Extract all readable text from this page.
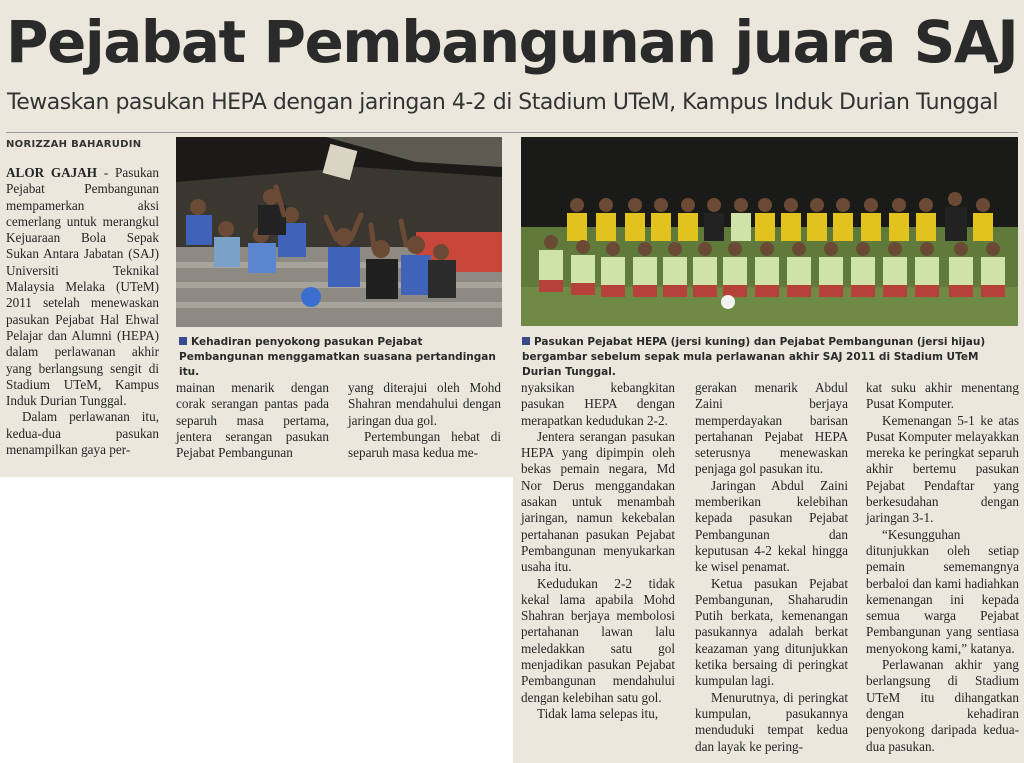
Pejabat Pembangunan juara SAJ
Tewaskan pasukan HEPA dengan jaringan 4-2 di Stadium UTeM, Kampus Induk Durian Tunggal
NORIZZAH BAHARUDIN
Kehadiran penyokong pasukan Pejabat Pembangunan menggamatkan suasana pertandingan itu.
Pasukan Pejabat HEPA (jersi kuning) dan Pejabat Pembangunan (jersi hijau) bergambar sebelum sepak mula perlawanan akhir SAJ 2011 di Stadium UTeM Durian Tunggal.

ALOR GAJAH - Pasukan Pejabat Pembangunan mempamerkan aksi cemerlang untuk merangkul Kejuaraan Bola Sepak Sukan Antara Jabatan (SAJ) Universiti Teknikal Malaysia Melaka (UTeM) 2011 setelah menewaskan pasukan Pejabat Hal Ehwal Pelajar dan Alumni (HEPA) dalam perlawanan akhir yang berlangsung sengit di Stadium UTeM, Kampus Induk Durian Tunggal.

Dalam perlawanan itu, kedua-dua pasukan menampilkan gaya per-

mainan menarik dengan corak serangan pantas pada separuh masa pertama, jentera serangan pasukan Pejabat Pembangunan

yang diterajui oleh Mohd Shahran mendahului dengan jaringan dua gol.

Pertembungan hebat di separuh masa kedua me-

nyaksikan kebangkitan pasukan HEPA dengan merapatkan kedudukan 2-2.

Jentera serangan pasukan HEPA yang dipimpin oleh bekas pemain negara, Md Nor Derus menggandakan asakan untuk menambah jaringan, namun kekebalan pertahanan pasukan Pejabat Pembangunan menyukarkan usaha itu.

Kedudukan 2-2 tidak kekal lama apabila Mohd Shahran berjaya membolosi pertahanan lawan lalu meledakkan satu gol menjadikan pasukan Pejabat Pembangunan mendahului dengan kelebihan satu gol.

Tidak lama selepas itu,

gerakan menarik Abdul Zaini berjaya memperdayakan barisan pertahanan Pejabat HEPA seterusnya menewaskan penjaga gol pasukan itu.

Jaringan Abdul Zaini memberikan kelebihan kepada pasukan Pejabat Pembangunan dan keputusan 4-2 kekal hingga ke wisel penamat.

Ketua pasukan Pejabat Pembangunan, Shaharudin Putih berkata, kemenangan pasukannya adalah berkat keazaman yang ditunjukkan ketika bersaing di peringkat kumpulan lagi.

Menurutnya, di peringkat kumpulan, pasukannya menduduki tempat kedua dan layak ke pering-

kat suku akhir menentang Pusat Komputer.

Kemenangan 5-1 ke atas Pusat Komputer melayakkan mereka ke peringkat separuh akhir bertemu pasukan Pejabat Pendaftar yang berkesudahan dengan jaringan 3-1.

“Kesungguhan ditunjukkan oleh setiap pemain sememangnya berbaloi dan kami hadiahkan kemenangan ini kepada semua warga Pejabat Pembangunan yang sentiasa menyokong kami,” katanya.

Perlawanan akhir yang berlangsung di Stadium UTeM itu dihangatkan dengan kehadiran penyokong daripada kedua-dua pasukan.
